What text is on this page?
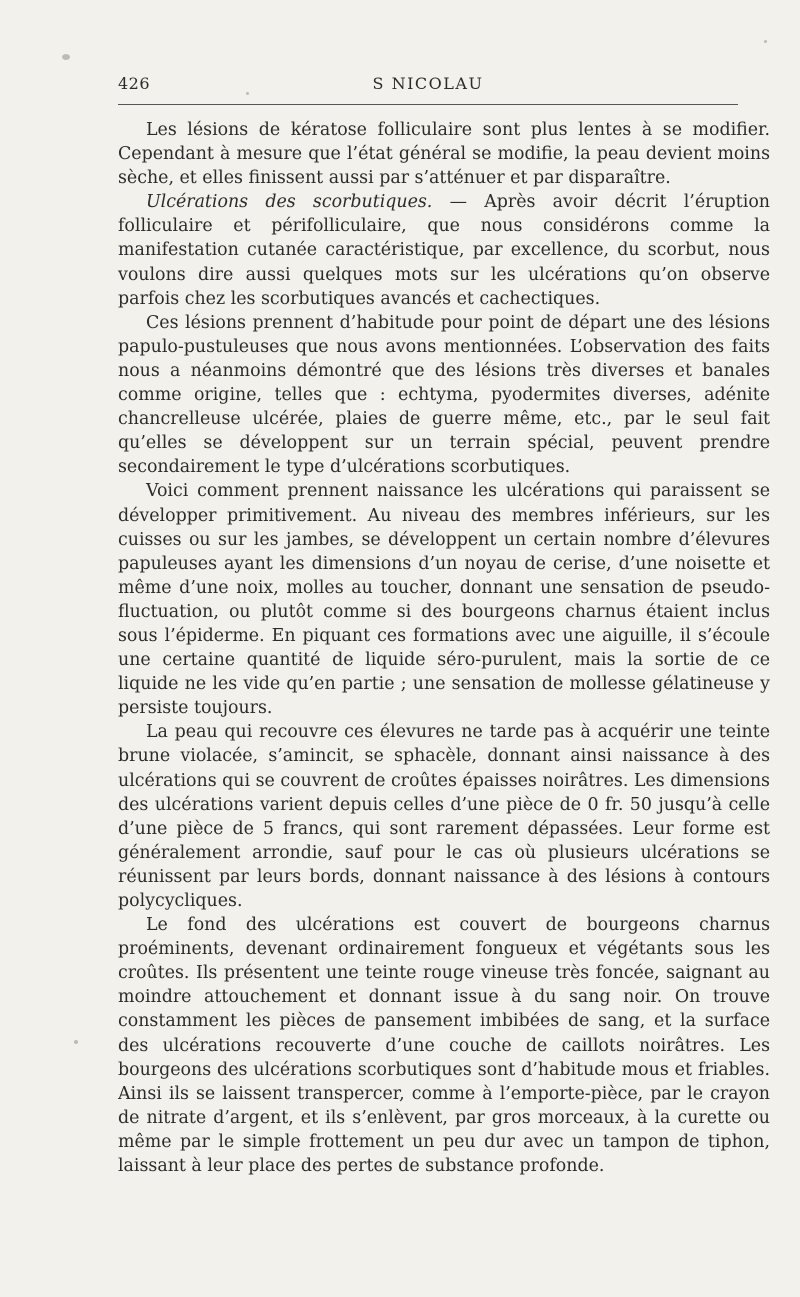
426	S NICOLAU

Les lésions de kératose folliculaire sont plus lentes à se modifier. Cependant à mesure que l’état général se modifie, la peau devient moins sèche, et elles finissent aussi par s’atténuer et par disparaître.

Ulcérations des scorbutiques. — Après avoir décrit l’éruption folliculaire et périfolliculaire, que nous considérons comme la manifestation cutanée caractéristique, par excellence, du scorbut, nous voulons dire aussi quelques mots sur les ulcérations qu’on observe parfois chez les scorbutiques avancés et cachectiques.

Ces lésions prennent d’habitude pour point de départ une des lésions papulo-pustuleuses que nous avons mentionnées. L’observation des faits nous a néanmoins démontré que des lésions très diverses et banales comme origine, telles que : echtyma, pyodermites diverses, adénite chancrelleuse ulcérée, plaies de guerre même, etc., par le seul fait qu’elles se développent sur un terrain spécial, peuvent prendre secondairement le type d’ulcérations scorbutiques.

Voici comment prennent naissance les ulcérations qui paraissent se développer primitivement. Au niveau des membres inférieurs, sur les cuisses ou sur les jambes, se développent un certain nombre d’élevures papuleuses ayant les dimensions d’un noyau de cerise, d’une noisette et même d’une noix, molles au toucher, donnant une sensation de pseudo-fluctuation, ou plutôt comme si des bourgeons charnus étaient inclus sous l’épiderme. En piquant ces formations avec une aiguille, il s’écoule une certaine quantité de liquide séro-purulent, mais la sortie de ce liquide ne les vide qu’en partie ; une sensation de mollesse gélatineuse y persiste toujours.

La peau qui recouvre ces élevures ne tarde pas à acquérir une teinte brune violacée, s’amincit, se sphacèle, donnant ainsi naissance à des ulcérations qui se couvrent de croûtes épaisses noirâtres. Les dimensions des ulcérations varient depuis celles d’une pièce de 0 fr. 50 jusqu’à celle d’une pièce de 5 francs, qui sont rarement dépassées. Leur forme est généralement arrondie, sauf pour le cas où plusieurs ulcérations se réunissent par leurs bords, donnant naissance à des lésions à contours polycycliques.

Le fond des ulcérations est couvert de bourgeons charnus proéminents, devenant ordinairement fongueux et végétants sous les croûtes. Ils présentent une teinte rouge vineuse très foncée, saignant au moindre attouchement et donnant issue à du sang noir. On trouve constamment les pièces de pansement imbibées de sang, et la surface des ulcérations recouverte d’une couche de caillots noirâtres. Les bourgeons des ulcérations scorbutiques sont d’habitude mous et friables. Ainsi ils se laissent transpercer, comme à l’emporte-pièce, par le crayon de nitrate d’argent, et ils s’enlèvent, par gros morceaux, à la curette ou même par le simple frottement un peu dur avec un tampon de tiphon, laissant à leur place des pertes de substance profonde.
